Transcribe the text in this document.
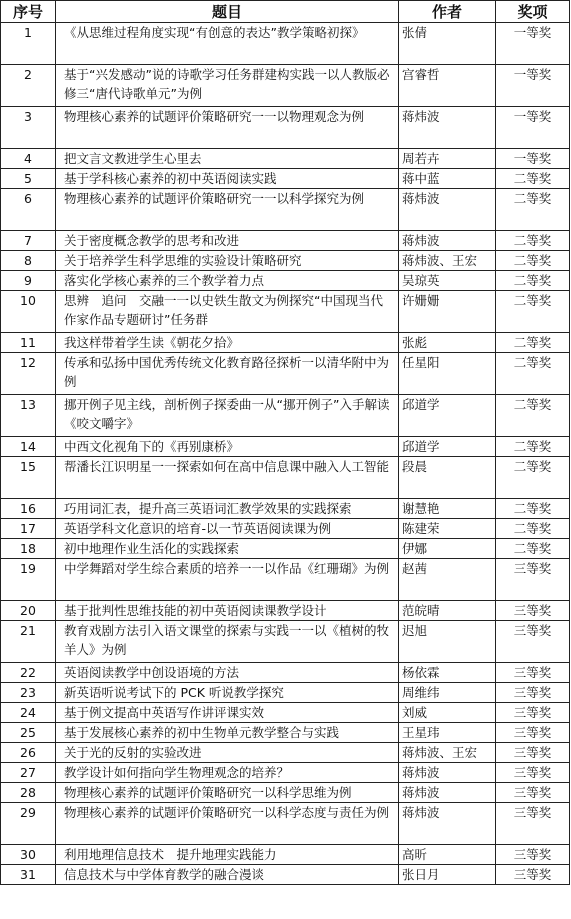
序号	题目	作者	奖项
1	《从思维过程角度实现“有创意的表达”教学策略初探》	张倩	一等奖
2	基于“兴发感动”说的诗歌学习任务群建构实践一以人教版必修三“唐代诗歌单元”为例	宫睿哲	一等奖
3	物理核心素养的试题评价策略研究一一以物理观念为例	蒋炜波	一等奖
4	把文言文教进学生心里去	周若卉	一等奖
5	基于学科核心素养的初中英语阅读实践	蒋中蓝	二等奖
6	物理核心素养的试题评价策略研究一一以科学探究为例	蒋炜波	二等奖
7	关于密度概念教学的思考和改进	蒋炜波	二等奖
8	关于培养学生科学思维的实验设计策略研究	蒋炜波、王宏	二等奖
9	落实化学核心素养的三个教学着力点	吴琼英	二等奖
10	思辨　追问　交融一一以史铁生散文为例探究“中国现当代作家作品专题研讨”任务群	许姗姗	二等奖
11	我这样带着学生读《朝花夕拾》	张彪	二等奖
12	传承和弘扬中国优秀传统文化教育路径探析一以清华附中为例	任星阳	二等奖
13	挪开例子见主线，剖析例子探委曲一从“挪开例子”入手解读《咬文嚼字》	邱道学	二等奖
14	中西文化视角下的《再别康桥》	邱道学	二等奖
15	帮潘长江识明星一一探索如何在高中信息课中融入人工智能	段晨	二等奖
16	巧用词汇表，提升高三英语词汇教学效果的实践探索	谢慧艳	二等奖
17	英语学科文化意识的培育-以一节英语阅读课为例	陈建荣	二等奖
18	初中地理作业生活化的实践探索	伊娜	二等奖
19	中学舞蹈对学生综合素质的培养一一以作品《红珊瑚》为例	赵茜	三等奖
20	基于批判性思维技能的初中英语阅读课教学设计	范皖晴	三等奖
21	教育戏剧方法引入语文课堂的探索与实践一一以《植树的牧羊人》为例	迟旭	三等奖
22	英语阅读教学中创设语境的方法	杨依霖	三等奖
23	新英语听说考试下的 PCK 听说教学探究	周维纬	三等奖
24	基于例文提高中英语写作讲评课实效	刘威	三等奖
25	基于发展核心素养的初中生物单元教学整合与实践	王星玮	三等奖
26	关于光的反射的实验改进	蒋炜波、王宏	三等奖
27	教学设计如何指向学生物理观念的培养？	蒋炜波	三等奖
28	物理核心素养的试题评价策略研究一以科学思维为例	蒋炜波	三等奖
29	物理核心素养的试题评价策略研究一以科学态度与责任为例	蒋炜波	三等奖
30	利用地理信息技术　提升地理实践能力	高昕	三等奖
31	信息技术与中学体育教学的融合漫谈	张日月	三等奖
